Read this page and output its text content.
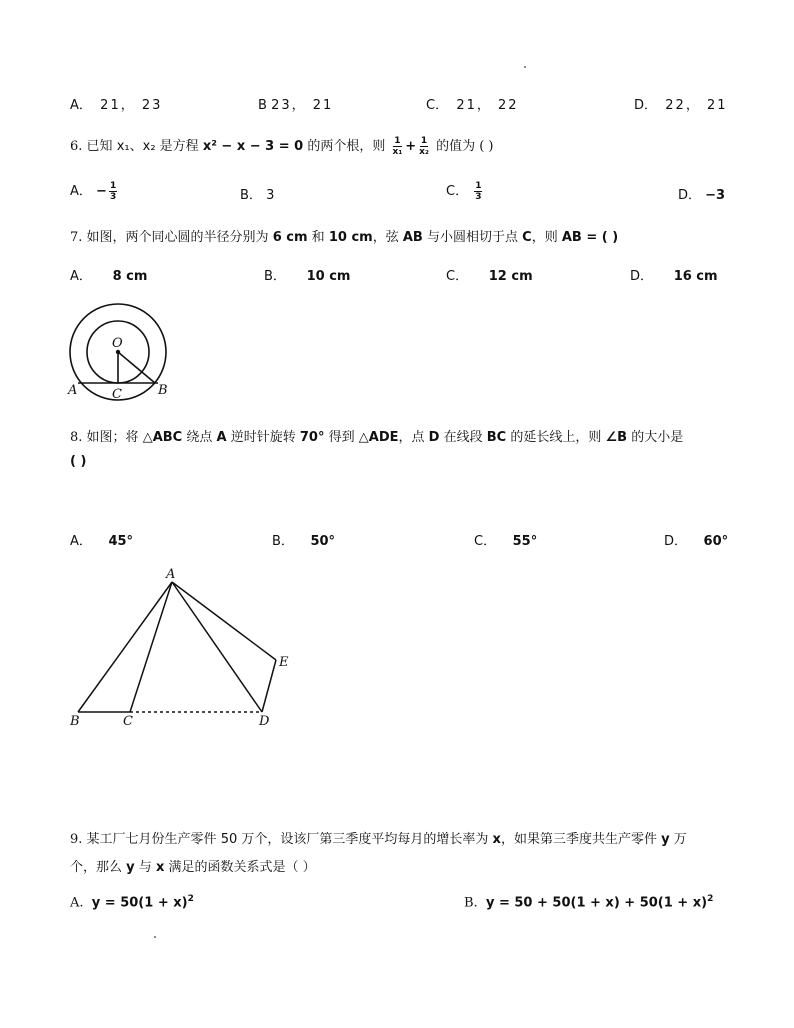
A． 21， 23	B 23， 21	C． 21， 22	D． 22， 21
6. 已知 x₁、x₂ 是方程 x² − x − 3 = 0 的两个根，则 $\frac{1}{\text{x₁}} + \frac{1}{\text{x₂}}$ 的值为 ( )
A． − $\frac{1}{3}$	B． 3	C． $\frac{1}{3}$	D． −3
7. 如图，两个同心圆的半径分别为 6 cm 和 10 cm，弦 AB 与小圆相切于点 C，则 AB = ( )
A． 8 cm	B． 10 cm	C． 12 cm	D． 16 cm
O
A	B
C
8. 如图；将 △ABC 绕点 A 逆时针旋转 70° 得到 △ADE，点 D 在线段 BC 的延长线上，则 ∠B 的大小是
( )
A． 45°	B． 50°	C． 55°	D． 60°
A
B	C	D
E
9. 某工厂七月份生产零件 50 万个，设该厂第三季度平均每月的增长率为 x，如果第三季度共生产零件 y 万
个，那么 y 与 x 满足的函数关系式是（ ）
A. $y = 50(1 + x)^2$	B. $y = 50 + 50(1 + x) + 50(1 + x)^2$
